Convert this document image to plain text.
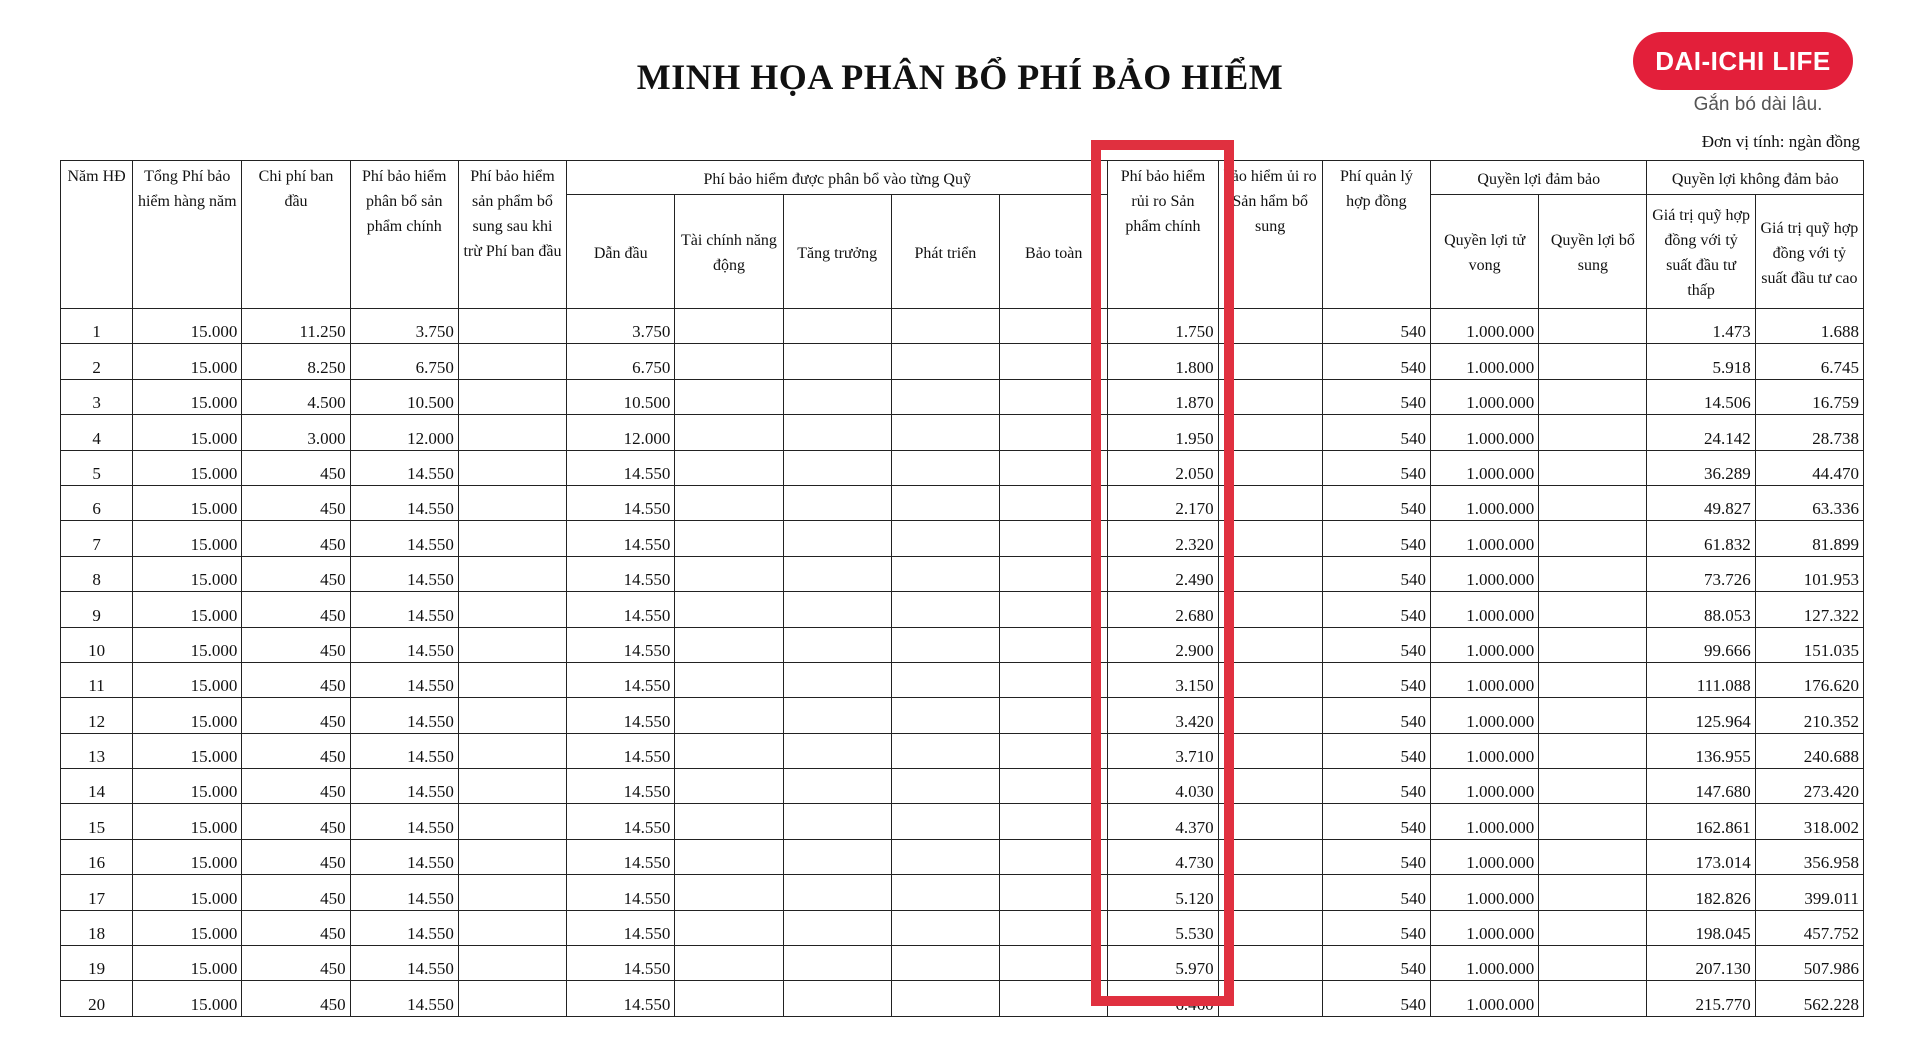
MINH HỌA PHÂN BỔ PHÍ BẢO HIỂM	DAI-ICHI LIFE
Gắn bó dài lâu.
Đơn vị tính: ngàn đồng
Năm HĐ	Tổng Phí bảo hiểm hàng năm	Chi phí ban đầu	Phí bảo hiểm phân bổ sản phẩm chính	Phí bảo hiểm sản phẩm bổ sung sau khi trừ Phí ban đầu	Phí bảo hiểm được phân bổ vào từng Quỹ					Phí bảo hiểm rủi ro Sản phẩm chính	bảo hiểm ủi ro Sản hẩm bổ sung	Phí quản lý hợp đồng	Quyền lợi đảm bảo		Quyền lợi không đảm bảo	
					Dẫn đầu	Tài chính năng động	Tăng trưởng	Phát triển	Bảo toàn				Quyền lợi tử vong	Quyền lợi bổ sung	Giá trị quỹ hợp đồng với tỷ suất đầu tư thấp	Giá trị quỹ hợp đồng với tỷ suất đầu tư cao
1	15.000	11.250	3.750		3.750					1.750		540	1.000.000		1.473	1.688
2	15.000	8.250	6.750		6.750					1.800		540	1.000.000		5.918	6.745
3	15.000	4.500	10.500		10.500					1.870		540	1.000.000		14.506	16.759
4	15.000	3.000	12.000		12.000					1.950		540	1.000.000		24.142	28.738
5	15.000	450	14.550		14.550					2.050		540	1.000.000		36.289	44.470
6	15.000	450	14.550		14.550					2.170		540	1.000.000		49.827	63.336
7	15.000	450	14.550		14.550					2.320		540	1.000.000		61.832	81.899
8	15.000	450	14.550		14.550					2.490		540	1.000.000		73.726	101.953
9	15.000	450	14.550		14.550					2.680		540	1.000.000		88.053	127.322
10	15.000	450	14.550		14.550					2.900		540	1.000.000		99.666	151.035
11	15.000	450	14.550		14.550					3.150		540	1.000.000		111.088	176.620
12	15.000	450	14.550		14.550					3.420		540	1.000.000		125.964	210.352
13	15.000	450	14.550		14.550					3.710		540	1.000.000		136.955	240.688
14	15.000	450	14.550		14.550					4.030		540	1.000.000		147.680	273.420
15	15.000	450	14.550		14.550					4.370		540	1.000.000		162.861	318.002
16	15.000	450	14.550		14.550					4.730		540	1.000.000		173.014	356.958
17	15.000	450	14.550		14.550					5.120		540	1.000.000		182.826	399.011
18	15.000	450	14.550		14.550					5.530		540	1.000.000		198.045	457.752
19	15.000	450	14.550		14.550					5.970		540	1.000.000		207.130	507.986
20	15.000	450	14.550		14.550					6.460		540	1.000.000		215.770	562.228
